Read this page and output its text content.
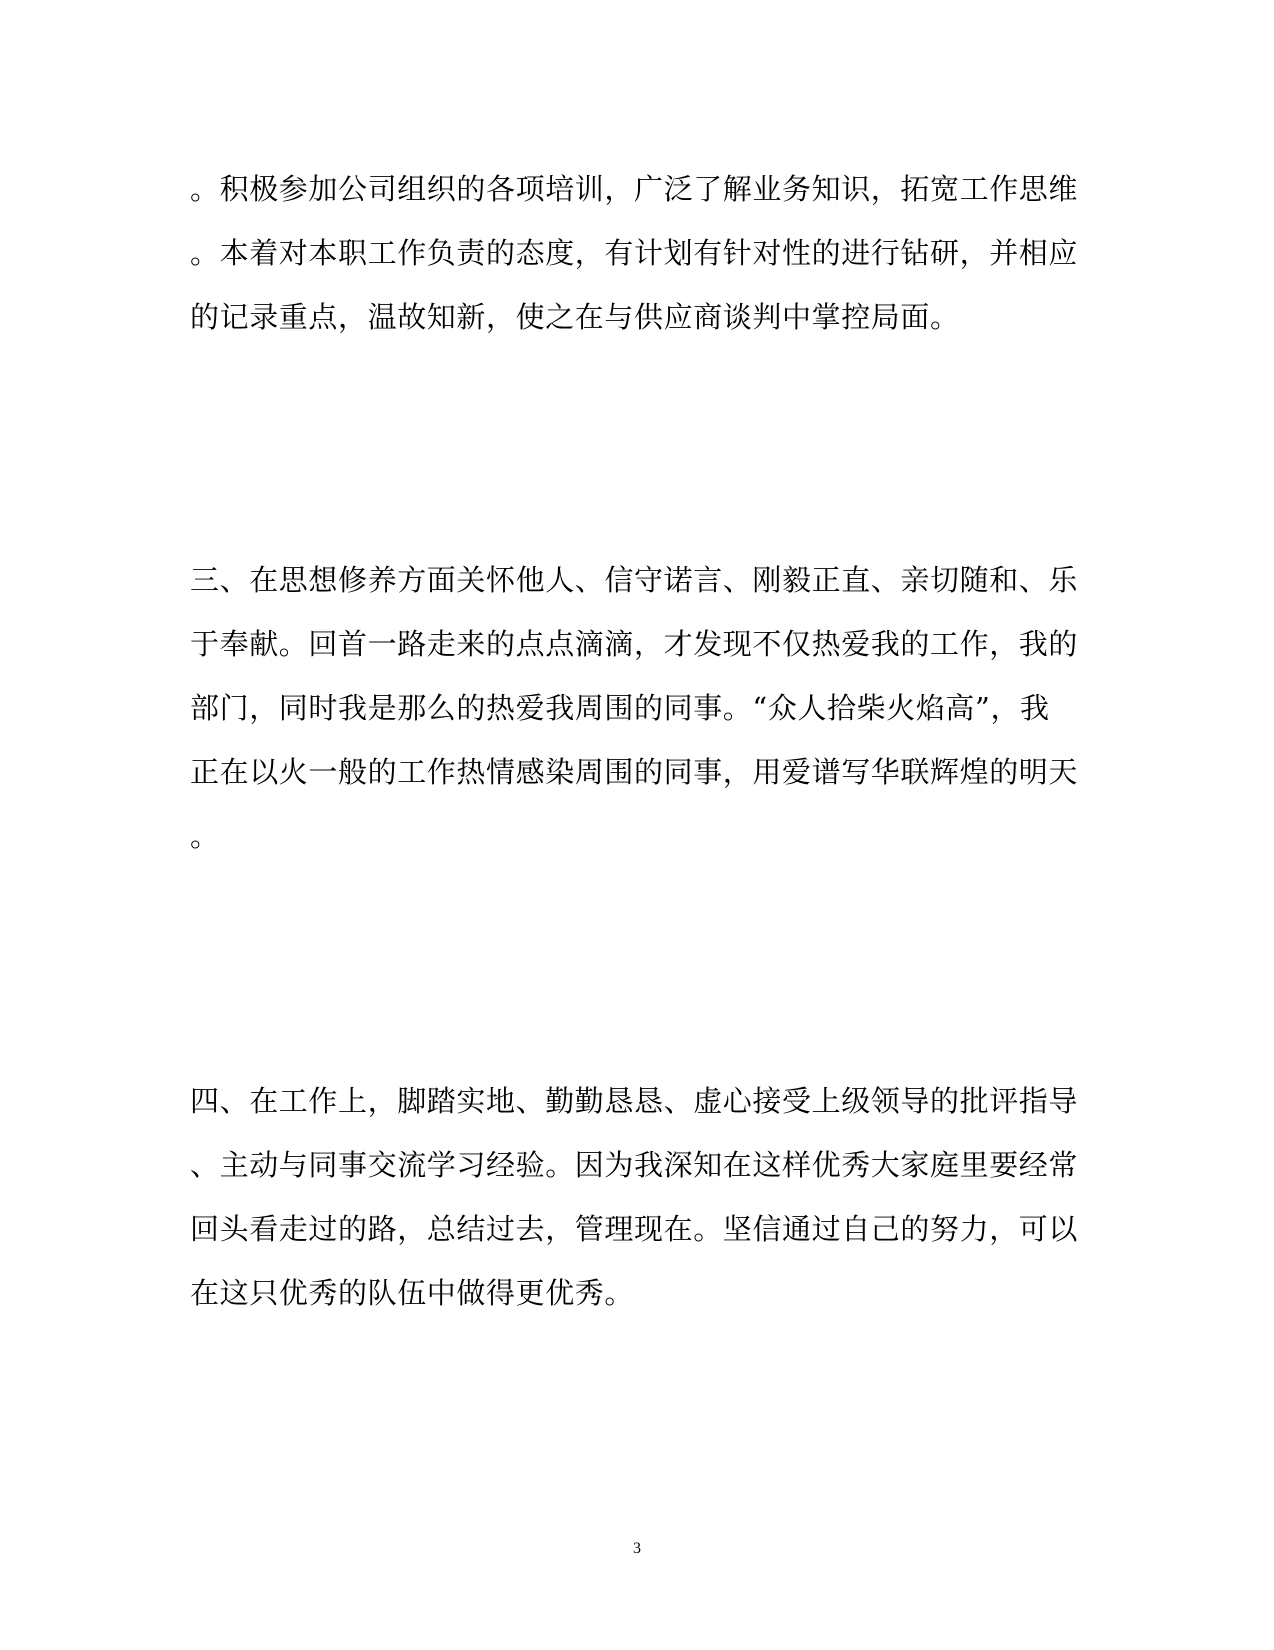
。积极参加公司组织的各项培训，广泛了解业务知识，拓宽工作思维
。本着对本职工作负责的态度，有计划有针对性的进行钻研，并相应
的记录重点，温故知新，使之在与供应商谈判中掌控局面。
三、在思想修养方面关怀他人、信守诺言、刚毅正直、亲切随和、乐
于奉献。回首一路走来的点点滴滴，才发现不仅热爱我的工作，我的
部门，同时我是那么的热爱我周围的同事。“众人拾柴火焰高”，我
正在以火一般的工作热情感染周围的同事，用爱谱写华联辉煌的明天
。
四、在工作上，脚踏实地、勤勤恳恳、虚心接受上级领导的批评指导
、主动与同事交流学习经验。因为我深知在这样优秀大家庭里要经常
回头看走过的路，总结过去，管理现在。坚信通过自己的努力，可以
在这只优秀的队伍中做得更优秀。
3
